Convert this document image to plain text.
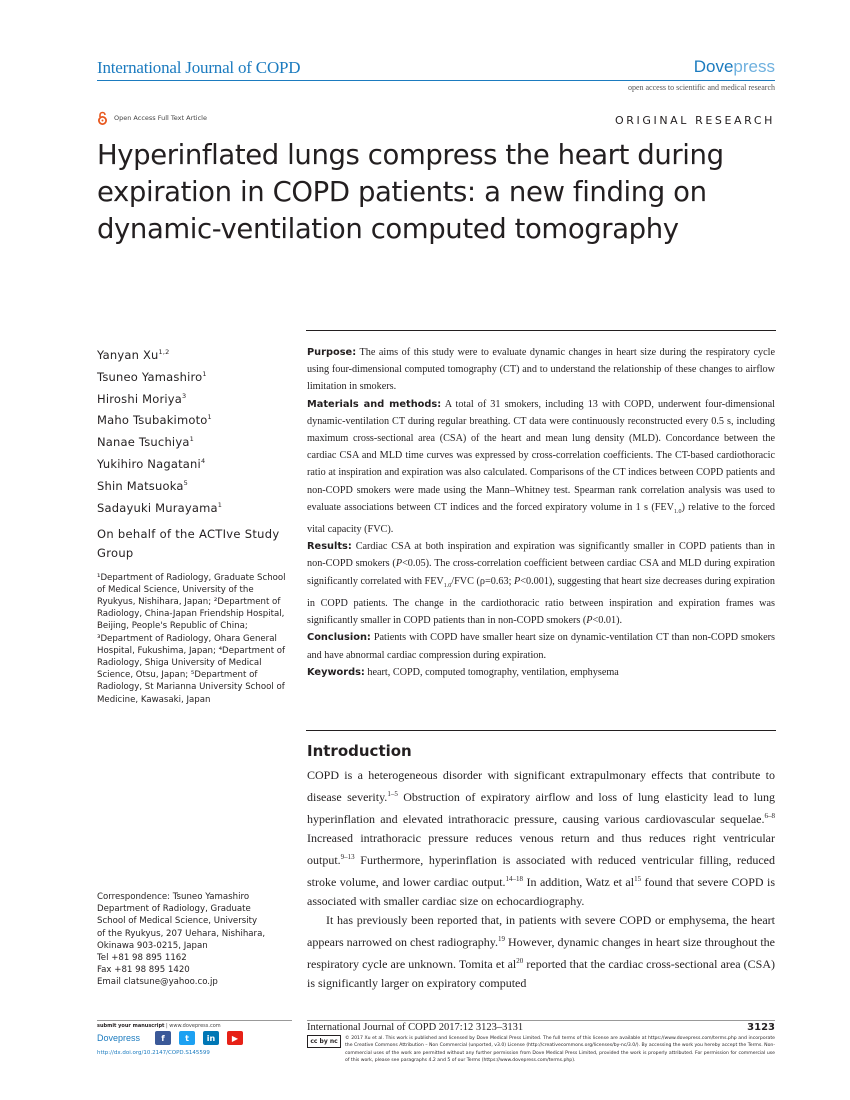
International Journal of COPD	Dovepress
open access to scientific and medical research
Open Access Full Text Article	ORIGINAL RESEARCH
Hyperinflated lungs compress the heart during expiration in COPD patients: a new finding on dynamic-ventilation computed tomography
Yanyan Xu$^{1,2}$
Tsuneo Yamashiro$^1$
Hiroshi Moriya$^3$
Maho Tsubakimoto$^1$
Nanae Tsuchiya$^1$
Yukihiro Nagatani$^4$
Shin Matsuoka$^5$
Sadayuki Murayama$^1$
On behalf of the ACTIve Study Group
¹Department of Radiology, Graduate School of Medical Science, University of the Ryukyus, Nishihara, Japan; ²Department of Radiology, China-Japan Friendship Hospital, Beijing, People's Republic of China; ³Department of Radiology, Ohara General Hospital, Fukushima, Japan; ⁴Department of Radiology, Shiga University of Medical Science, Otsu, Japan; ⁵Department of Radiology, St Marianna University School of Medicine, Kawasaki, Japan
Correspondence: Tsuneo Yamashiro
Department of Radiology, Graduate
School of Medical Science, University
of the Ryukyus, 207 Uehara, Nishihara,
Okinawa 903-0215, Japan
Tel +81 98 895 1162
Fax +81 98 895 1420
Email clatsune@yahoo.co.jp

Purpose: The aims of this study were to evaluate dynamic changes in heart size during the respiratory cycle using four-dimensional computed tomography (CT) and to understand the relationship of these changes to airflow limitation in smokers.

Materials and methods: A total of 31 smokers, including 13 with COPD, underwent four-dimensional dynamic-ventilation CT during regular breathing. CT data were continuously reconstructed every 0.5 s, including maximum cross-sectional area (CSA) of the heart and mean lung density (MLD). Concordance between the cardiac CSA and MLD time curves was expressed by cross-correlation coefficients. The CT-based cardiothoracic ratio at inspiration and expiration was also calculated. Comparisons of the CT indices between COPD patients and non-COPD smokers were made using the Mann–Whitney test. Spearman rank correlation analysis was used to evaluate associations between CT indices and the forced expiratory volume in 1 s $(FEV_{1.0})$ relative to the forced vital capacity (FVC).

Results: Cardiac CSA at both inspiration and expiration was significantly smaller in COPD patients than in non-COPD smokers (P<0.05). The cross-correlation coefficient between cardiac CSA and MLD during expiration significantly correlated with $FEV_{1.0}$/FVC (ρ=0.63; P<0.001), suggesting that heart size decreases during expiration in COPD patients. The change in the cardiothoracic ratio between inspiration and expiration frames was significantly smaller in COPD patients than in non-COPD smokers (P<0.01).

Conclusion: Patients with COPD have smaller heart size on dynamic-ventilation CT than non-COPD smokers and have abnormal cardiac compression during expiration.

Keywords: heart, COPD, computed tomography, ventilation, emphysema

Introduction

COPD is a heterogeneous disorder with significant extrapulmonary effects that contribute to disease severity.$^{1-5}$ Obstruction of expiratory airflow and loss of lung elasticity lead to lung hyperinflation and elevated intrathoracic pressure, causing various cardiovascular sequelae.$^{6-8}$ Increased intrathoracic pressure reduces venous return and thus reduces right ventricular output.$^{9-13}$ Furthermore, hyperinflation is associated with reduced ventricular filling, reduced stroke volume, and lower cardiac output.$^{14-18}$ In addition, Watz et $al^{15}$ found that severe COPD is associated with smaller cardiac size on echocardiography.

It has previously been reported that, in patients with severe COPD or emphysema, the heart appears narrowed on chest radiography.$^{19}$ However, dynamic changes in heart size throughout the respiratory cycle are unknown. Tomita et $al^{20}$ reported that the cardiac cross-sectional area (CSA) is significantly larger on expiratory computed

submit your manuscript | www.dovepress.com
Dovepress	f	t	in	▶
http://dx.doi.org/10.2147/COPD.S145599
International Journal of COPD 2017:12 3123–3131	3123
cc by nc © 2017 Xu et al. This work is published and licensed by Dove Medical Press Limited. The full terms of this license are available at https://www.dovepress.com/terms.php and incorporate the Creative Commons Attribution – Non Commercial (unported, v3.0) License (http://creativecommons.org/licenses/by-nc/3.0/). By accessing the work you hereby accept the Terms. Non-commercial uses of the work are permitted without any further permission from Dove Medical Press Limited, provided the work is properly attributed. For permission for commercial use of this work, please see paragraphs 4.2 and 5 of our Terms (https://www.dovepress.com/terms.php).
